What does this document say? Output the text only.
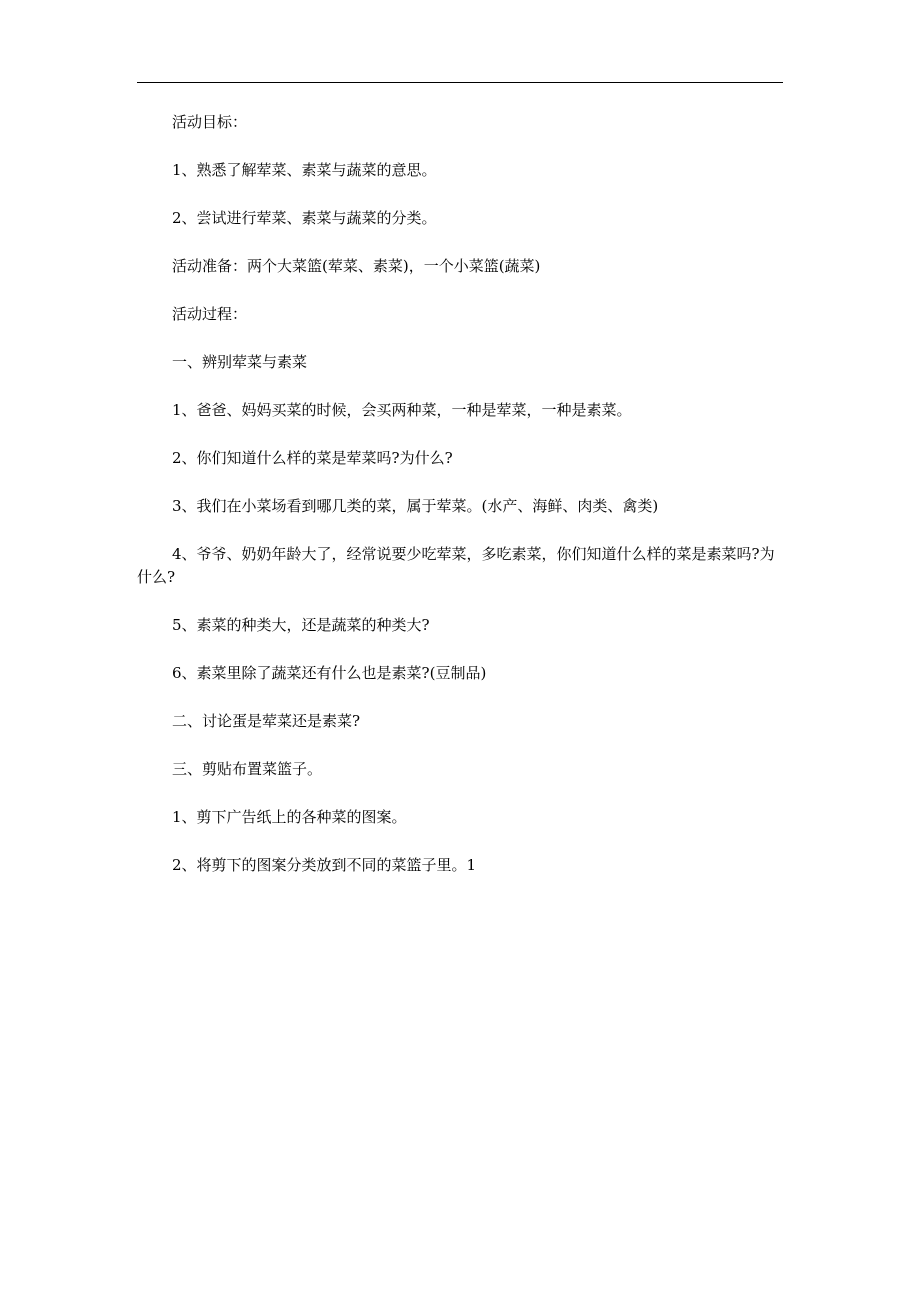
活动目标：

1、熟悉了解荤菜、素菜与蔬菜的意思。

2、尝试进行荤菜、素菜与蔬菜的分类。

活动准备：两个大菜篮(荤菜、素菜)，一个小菜篮(蔬菜)

活动过程：

一、辨别荤菜与素菜

1、爸爸、妈妈买菜的时候，会买两种菜，一种是荤菜，一种是素菜。

2、你们知道什么样的菜是荤菜吗?为什么?

3、我们在小菜场看到哪几类的菜，属于荤菜。(水产、海鲜、肉类、禽类)

4、爷爷、奶奶年龄大了，经常说要少吃荤菜，多吃素菜，你们知道什么样的菜是素菜吗?为什么?

5、素菜的种类大，还是蔬菜的种类大?

6、素菜里除了蔬菜还有什么也是素菜?(豆制品)

二、讨论蛋是荤菜还是素菜?

三、剪贴布置菜篮子。

1、剪下广告纸上的各种菜的图案。

2、将剪下的图案分类放到不同的菜篮子里。1
